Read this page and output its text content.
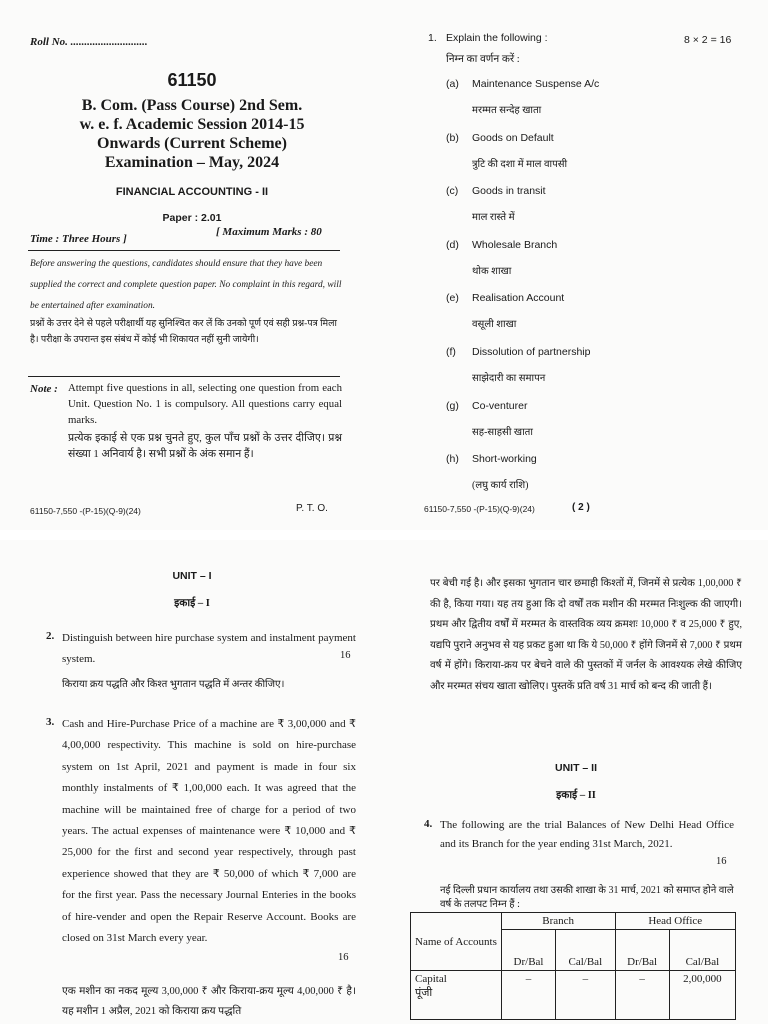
Roll No. ............................
61150
B. Com. (Pass Course) 2nd Sem.
w. e. f. Academic Session 2014-15
Onwards (Current Scheme)
Examination – May, 2024
FINANCIAL ACCOUNTING - II
Paper : 2.01
Time : Three Hours ]
[ Maximum Marks : 80
Before answering the questions, candidates should ensure that they have been supplied the correct and complete question paper. No complaint in this regard, will be entertained after examination.
प्रश्नों के उत्तर देने से पहले परीक्षार्थी यह सुनिश्चित कर लें कि उनको पूर्ण एवं सही प्रश्न-पत्र मिला है। परीक्षा के उपरान्त इस संबंध में कोई भी शिकायत नहीं सुनी जायेगी।
Note : Attempt five questions in all, selecting one question from each Unit. Question No. 1 is compulsory. All questions carry equal marks.
प्रत्येक इकाई से एक प्रश्न चुनते हुए, कुल पाँच प्रश्नों के उत्तर दीजिए। प्रश्न संख्या 1 अनिवार्य है। सभी प्रश्नों के अंक समान हैं।
61150-7,550 -(P-15)(Q-9)(24)	P. T. O.
1. Explain the following :	8 × 2 = 16
निम्न का वर्णन करें :
(a) Maintenance Suspense A/c
मरम्मत सन्देह खाता
(b) Goods on Default
त्रुटि की दशा में माल वापसी
(c) Goods in transit
माल रास्ते में
(d) Wholesale Branch
थोक शाखा
(e) Realisation Account
वसूली शाखा
(f) Dissolution of partnership
साझेदारी का समापन
(g) Co-venturer
सह-साहसी खाता
(h) Short-working
(लघु कार्य राशि)
61150-7,550 -(P-15)(Q-9)(24)	( 2 )
UNIT – I
इकाई – I
2. Distinguish between hire purchase system and instalment payment system.	16
किराया क्रय पद्धति और किश्त भुगतान पद्धति में अन्तर कीजिए।
3. Cash and Hire-Purchase Price of a machine are ₹ 3,00,000 and ₹ 4,00,000 respectivity. This machine is sold on hire-purchase system on 1st April, 2021 and payment is made in four six monthly instalments of ₹ 1,00,000 each. It was agreed that the machine will be maintained free of charge for a period of two years. The actual expenses of maintenance were ₹ 10,000 and ₹ 25,000 for the first and second year respectively, through past experience showed that they are ₹ 50,000 of which ₹ 7,000 are for the first year. Pass the necessary Journal Enteries in the books of hire-vender and open the Repair Reserve Account. Books are closed on 31st March every year.
16
एक मशीन का नकद मूल्य 3,00,000 ₹ और किराया-क्रय मूल्य 4,00,000 ₹ है। यह मशीन 1 अप्रैल, 2021 को किराया क्रय पद्धति
पर बेची गई है। और इसका भुगतान चार छमाही किश्तों में, जिनमें से प्रत्येक 1,00,000 ₹ की है, किया गया। यह तय हुआ कि दो वर्षों तक मशीन की मरम्मत निःशुल्क की जाएगी। प्रथम और द्वितीय वर्षों में मरम्मत के वास्तविक व्यय क्रमशः 10,000 ₹ व 25,000 ₹ हुए, यद्यपि पुराने अनुभव से यह प्रकट हुआ था कि ये 50,000 ₹ होंगे जिनमें से 7,000 ₹ प्रथम वर्ष में होंगे। किराया-क्रय पर बेचने वाले की पुस्तकों में जर्नल के आवश्यक लेखे कीजिए और मरम्मत संचय खाता खोलिए। पुस्तकें प्रति वर्ष 31 मार्च को बन्द की जाती हैं।
UNIT – II
इकाई – II
4. The following are the trial Balances of New Delhi Head Office and its Branch for the year ending 31st March, 2021.
16
नई दिल्ली प्रधान कार्यालय तथा उसकी शाखा के 31 मार्च, 2021 को समाप्त होने वाले वर्ष के तलपट निम्न हैं :
Name of Accounts	Branch		Head Office	
	Dr/Bal	Cal/Bal	Dr/Bal	Cal/Bal

Capital
पूंजी	–	–	–	2,00,000
